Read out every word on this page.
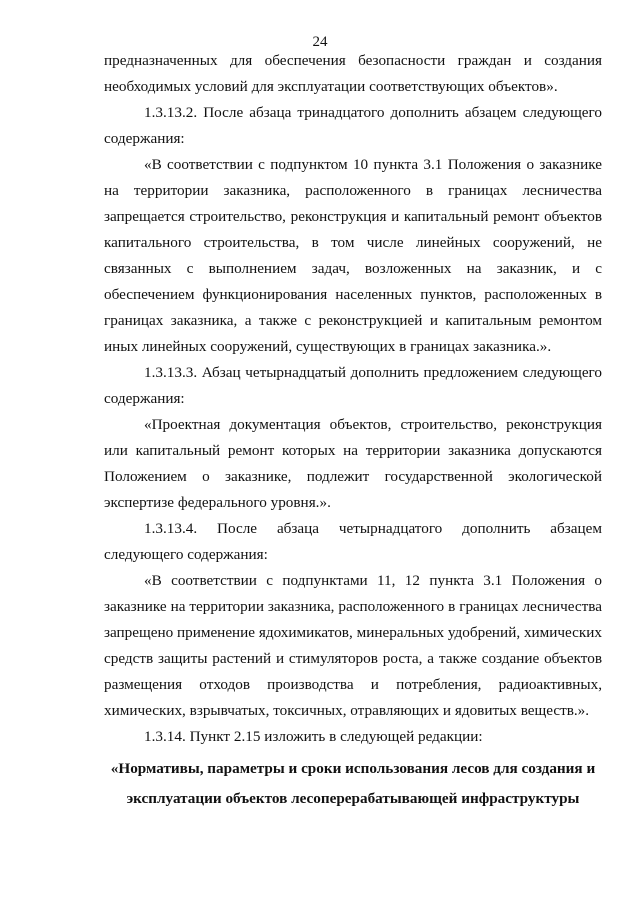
24

предназначенных для обеспечения безопасности граждан и создания необходимых условий для эксплуатации соответствующих объектов».

1.3.13.2. После абзаца тринадцатого дополнить абзацем следующего содержания:

«В соответствии с подпунктом 10 пункта 3.1 Положения о заказнике на территории заказника, расположенного в границах лесничества запрещается строительство, реконструкция и капитальный ремонт объектов капитального строительства, в том числе линейных сооружений, не связанных с выполнением задач, возложенных на заказник, и с обеспечением функционирования населенных пунктов, расположенных в границах заказника, а также с реконструкцией и капитальным ремонтом иных линейных сооружений, существующих в границах заказника.».

1.3.13.3. Абзац четырнадцатый дополнить предложением следующего содержания:

«Проектная документация объектов, строительство, реконструкция или капитальный ремонт которых на территории заказника допускаются Положением о заказнике, подлежит государственной экологической экспертизе федерального уровня.».

1.3.13.4. После абзаца четырнадцатого дополнить абзацем следующего содержания:

«В соответствии с подпунктами 11, 12 пункта 3.1 Положения о заказнике на территории заказника, расположенного в границах лесничества запрещено применение ядохимикатов, минеральных удобрений, химических средств защиты растений и стимуляторов роста, а также создание объектов размещения отходов производства и потребления, радиоактивных, химических, взрывчатых, токсичных, отравляющих и ядовитых веществ.».

1.3.14. Пункт 2.15 изложить в следующей редакции:

«Нормативы, параметры и сроки использования лесов для создания и эксплуатации объектов лесоперерабатывающей инфраструктуры
